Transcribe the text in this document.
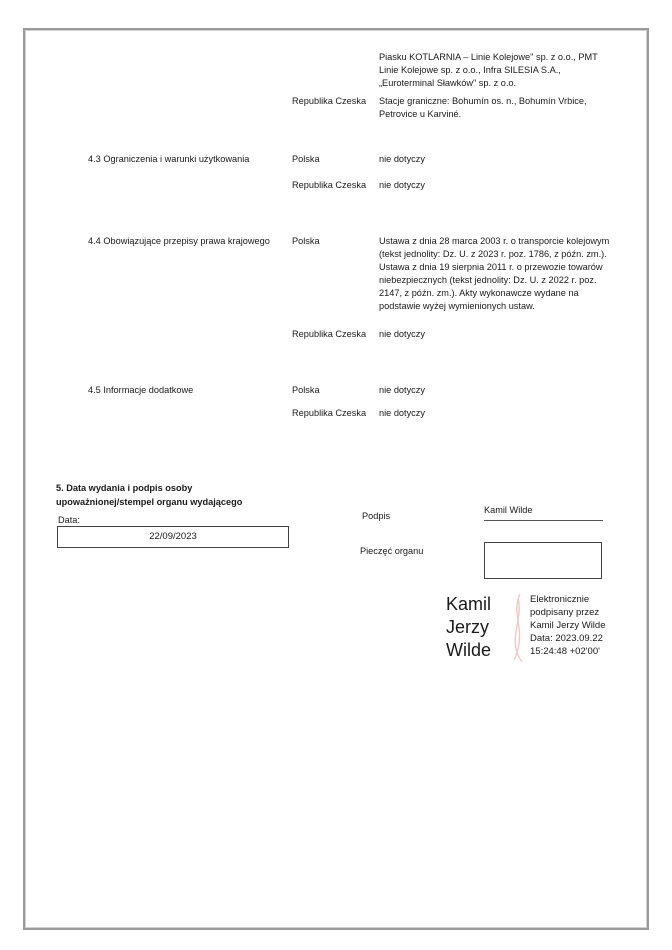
Piasku KOTLARNIA – Linie Kolejowe" sp. z o.o., PMT Linie Kolejowe sp. z o.o., Infra SILESIA S.A., „Euroterminal Sławków" sp. z o.o.
Republika Czeska Stacje graniczne: Bohumín os. n., Bohumín Vrbice, Petrovice u Karviné.
4.3 Ograniczenia i warunki użytkowania	Polska	nie dotyczy
Republika Czeska nie dotyczy
4.4 Obowiązujące przepisy prawa krajowego Polska	Ustawa z dnia 28 marca 2003 r. o transporcie kolejowym (tekst jednolity: Dz. U. z 2023 r. poz. 1786, z późn. zm.). Ustawa z dnia 19 sierpnia 2011 r. o przewozie towarów niebezpiecznych (tekst jednolity: Dz. U. z 2022 r. poz. 2147, z późn. zm.). Akty wykonawcze wydane na podstawie wyżej wymienionych ustaw.
Republika Czeska nie dotyczy
4.5 Informacje dodatkowe	Polska	nie dotyczy
Republika Czeska nie dotyczy
5. Data wydania i podpis osoby
upoważnionej/stempel organu wydającego
Data:
22/09/2023
Podpis
Kamil Wilde
Pieczęć organu
Kamil
Jerzy
Wilde
Elektronicznie
podpisany przez
Kamil Jerzy Wilde
Data: 2023.09.22
15:24:48 +02'00'
